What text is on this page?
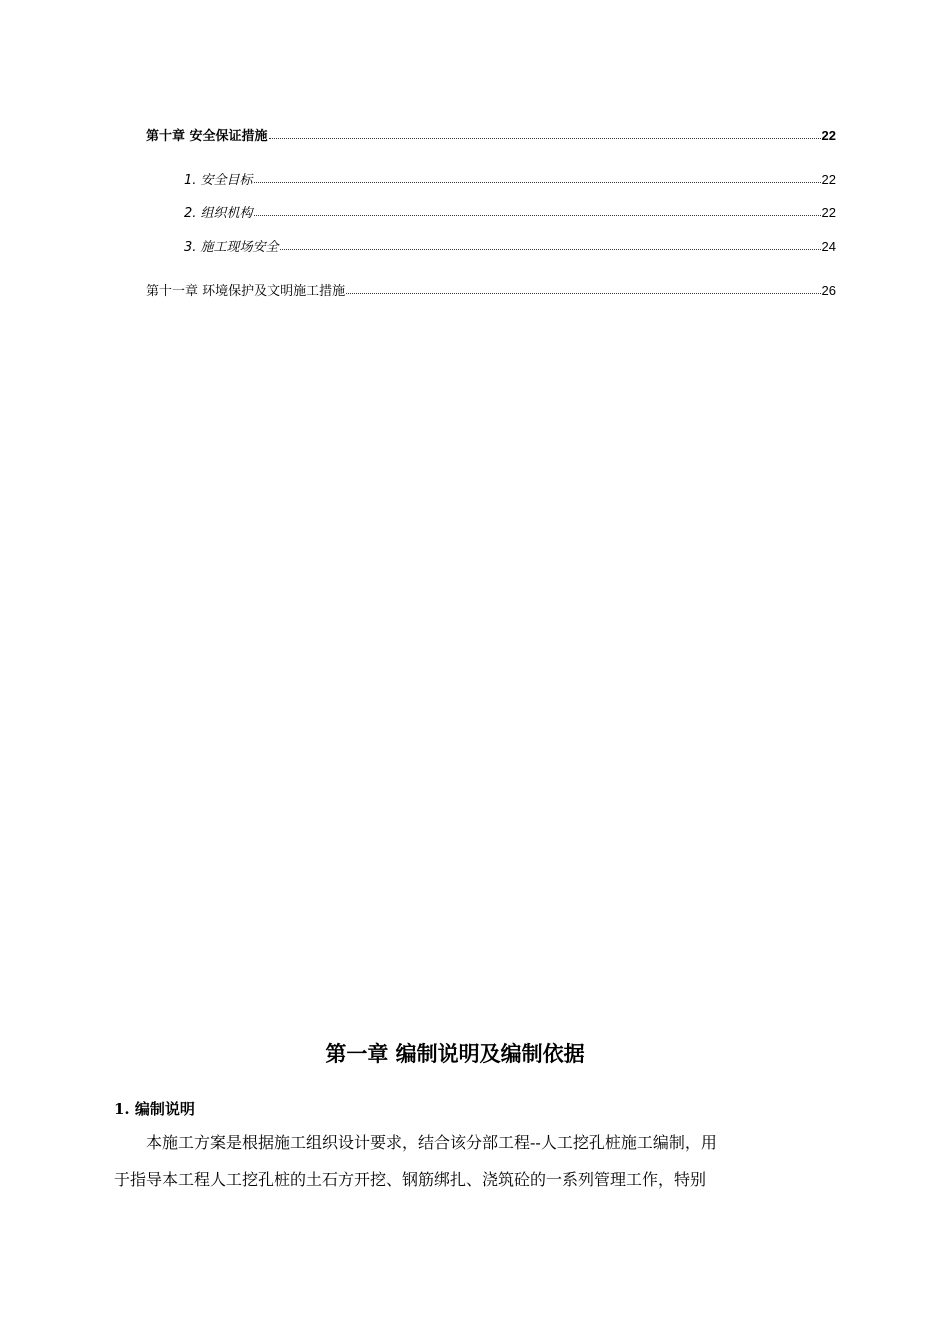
第十章 安全保证措施	22
1. 安全目标	22
2. 组织机构	22
3. 施工现场安全	24
第十一章 环境保护及文明施工措施	26
第一章 编制说明及编制依据
1. 编制说明
　　本施工方案是根据施工组织设计要求，结合该分部工程--人工挖孔桩施工编制，用
于指导本工程人工挖孔桩的土石方开挖、钢筋绑扎、浇筑砼的一系列管理工作，特别
